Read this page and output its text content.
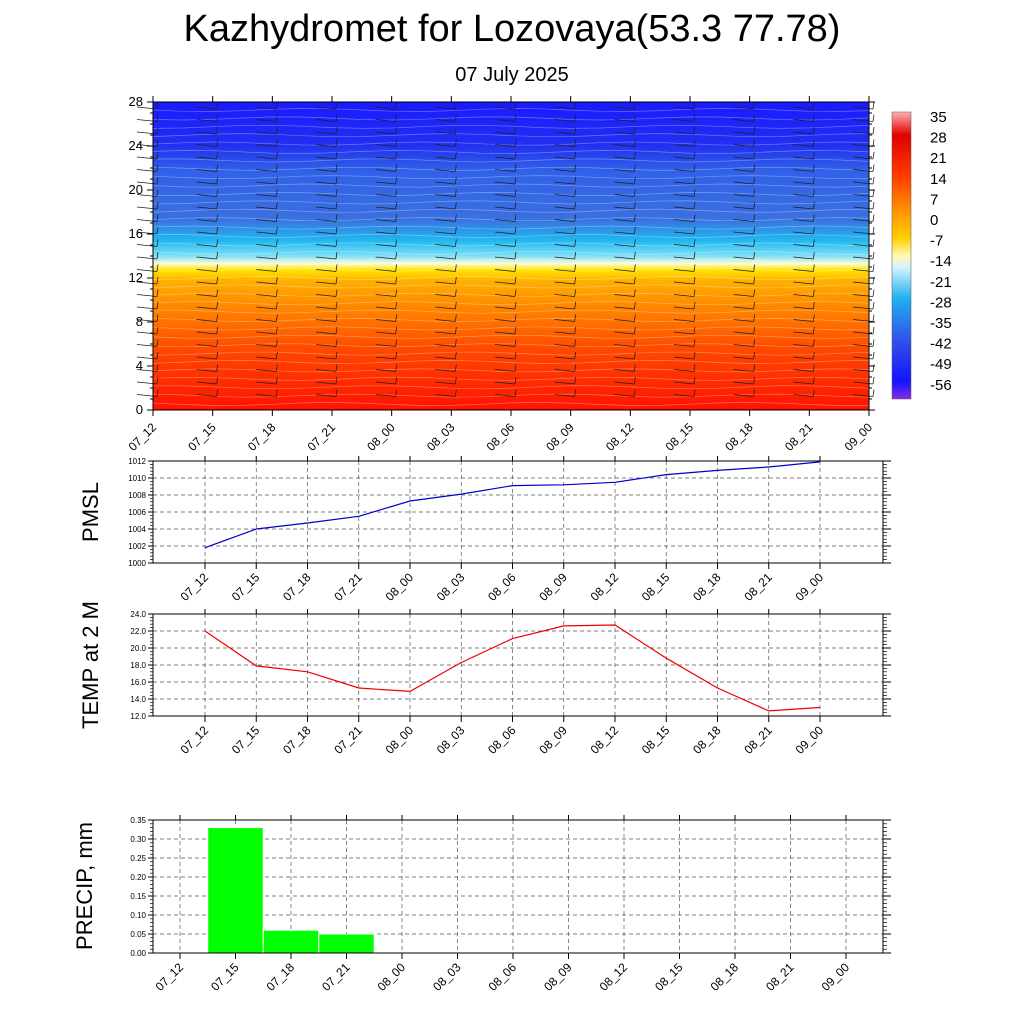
Kazhydromet for Lozovaya(53.3 77.78)
07 July 2025
0
4
8
12
16
20
24
28
07_12 07_15 07_18 07_21 08_00 08_03 08_06 08_09 08_12 08_15 08_18 08_21 09_00
35
28
21
14
7
0
-7
-14
-21
-28
-35
-42
-49
-56
1000
1002
1004
1006
1008
1010
1012
07_12 07_15 07_18 07_21 08_00 08_03 08_06 08_09 08_12 08_15 08_18 08_21 09_00
PMSL
12.0
14.0
16.0
18.0
20.0
22.0
24.0
07_12 07_15 07_18 07_21 08_00 08_03 08_06 08_09 08_12 08_15 08_18 08_21 09_00
TEMP at 2 M
0.00
0.05
0.10
0.15
0.20
0.25
0.30
0.35
07_12 07_15 07_18 07_21 08_00 08_03 08_06 08_09 08_12 08_15 08_18 08_21 09_00
PRECIP, mm
